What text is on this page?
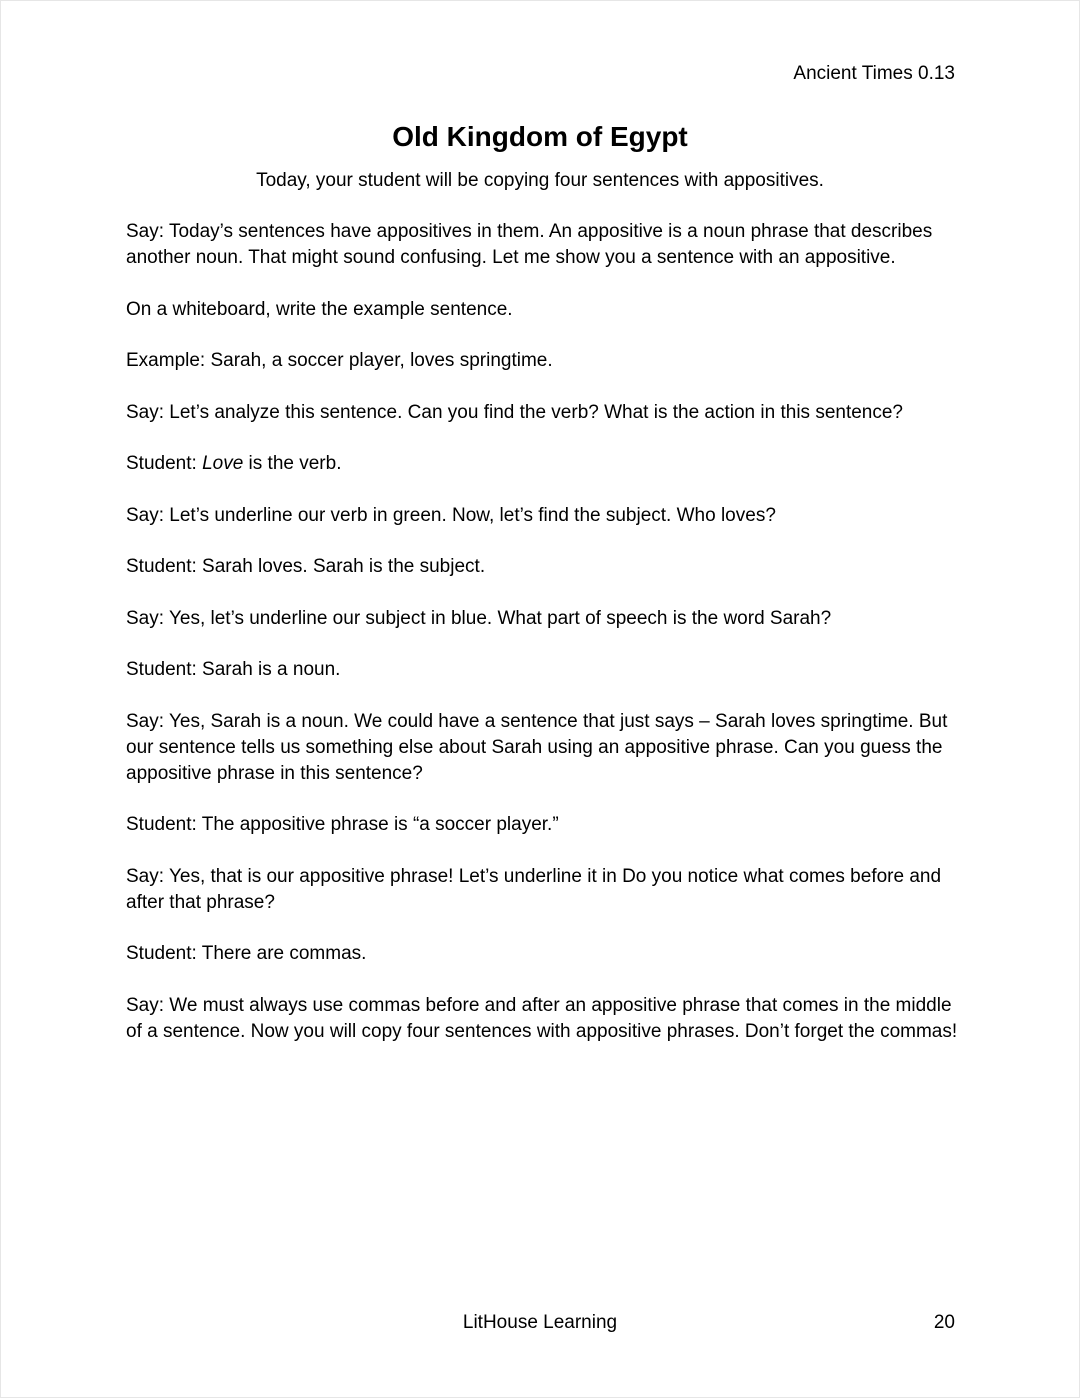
Ancient Times 0.13
Old Kingdom of Egypt

Today, your student will be copying four sentences with appositives.

Say: Today’s sentences have appositives in them. An appositive is a noun phrase that describes another noun. That might sound confusing. Let me show you a sentence with an appositive.

On a whiteboard, write the example sentence.

Example: Sarah, a soccer player, loves springtime.

Say: Let’s analyze this sentence. Can you find the verb? What is the action in this sentence?

Student: Love is the verb.

Say: Let’s underline our verb in green. Now, let’s find the subject. Who loves?

Student: Sarah loves. Sarah is the subject.

Say: Yes, let’s underline our subject in blue. What part of speech is the word Sarah?

Student: Sarah is a noun.

Say: Yes, Sarah is a noun. We could have a sentence that just says – Sarah loves springtime. But our sentence tells us something else about Sarah using an appositive phrase. Can you guess the appositive phrase in this sentence?

Student: The appositive phrase is “a soccer player.”

Say: Yes, that is our appositive phrase! Let’s underline it in Do you notice what comes before and after that phrase?

Student: There are commas.

Say: We must always use commas before and after an appositive phrase that comes in the middle of a sentence. Now you will copy four sentences with appositive phrases. Don’t forget the commas!

LitHouse Learning	20
